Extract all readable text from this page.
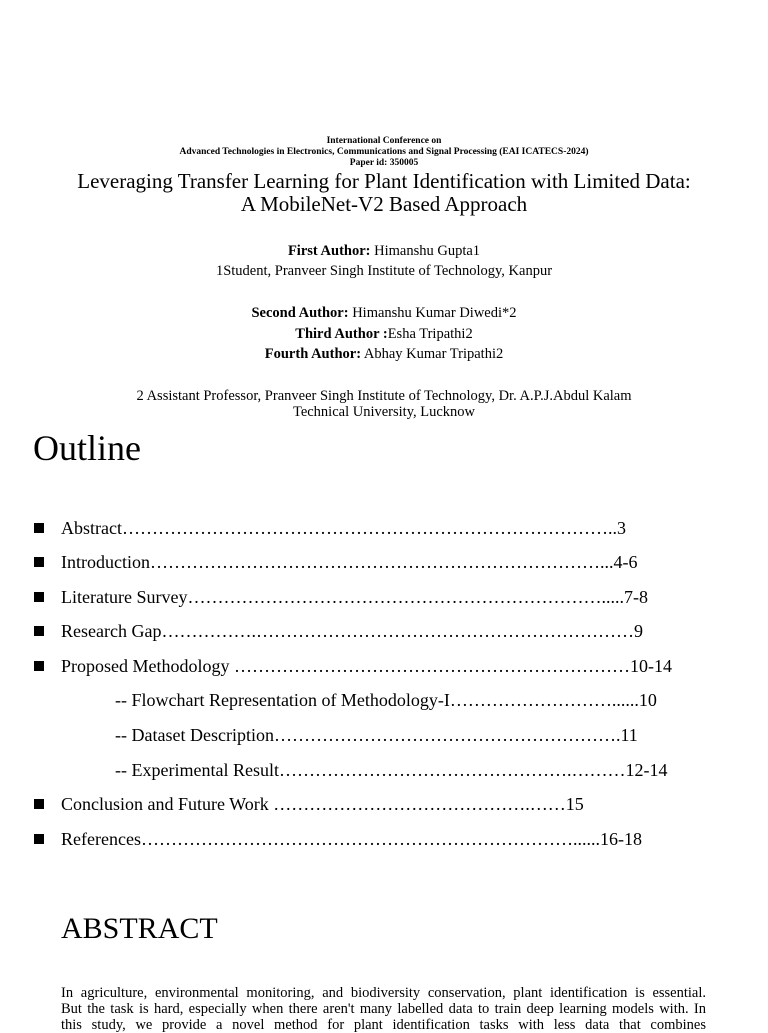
International Conference on
Advanced Technologies in Electronics, Communications and Signal Processing (EAI ICATECS-2024)
Paper id: 350005
Leveraging Transfer Learning for Plant Identification with Limited Data:
A MobileNet-V2 Based Approach
First Author: Himanshu Gupta1
1Student, Pranveer Singh Institute of Technology, Kanpur
Second Author: Himanshu Kumar Diwedi*2
Third Author :Esha Tripathi2
Fourth Author: Abhay Kumar Tripathi2
2 Assistant Professor, Pranveer Singh Institute of Technology, Dr. A.P.J.Abdul Kalam
Technical University, Lucknow
Outline
Abstract………………………………………………………………………..3
Introduction…………………………………………………………………...4-6
Literature Survey…………………………………………………………….....7-8
Research Gap…………….………………………………………………………9
Proposed Methodology …………………………………………………………10-14
-- Flowchart Representation of Methodology-I………………………......10
-- Dataset Description………………………………………………….11
-- Experimental Result………………………………………….………12-14
Conclusion and Future Work …………………………………….……15
References………………………………………………………………......16-18
ABSTRACT
In agriculture, environmental monitoring, and biodiversity conservation, plant identification is essential.
But the task is hard, especially when there aren't many labelled data to train deep learning models with. In
this study, we provide a novel method for plant identification tasks with less data that combines
